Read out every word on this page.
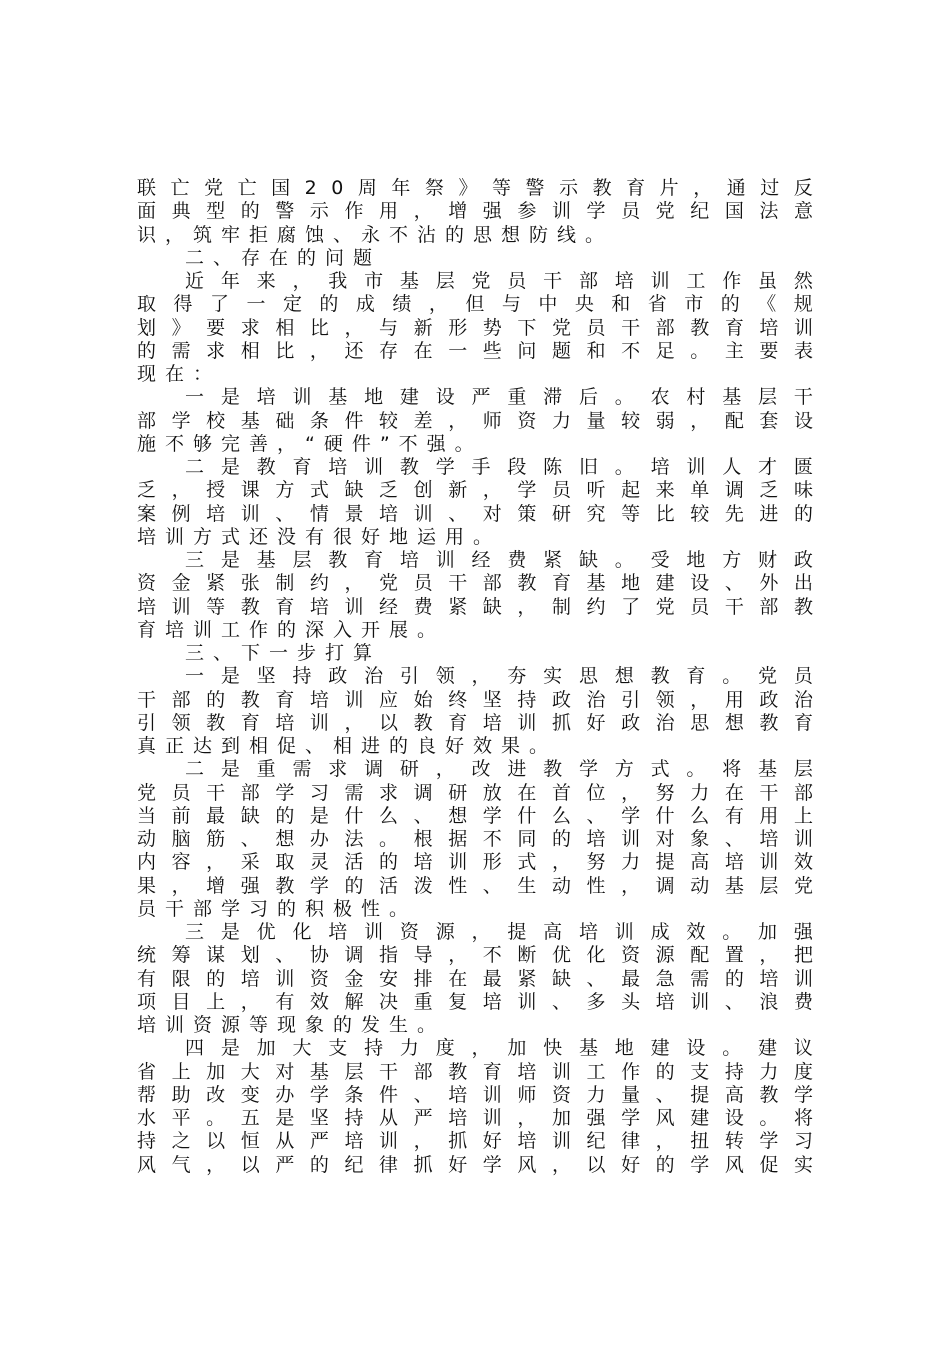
联 亡 党 亡 国 2 0 周 年 祭 》 等 警 示 教 育 片 ， 通 过 反
面 典 型 的 警 示 作 用 ， 增 强 参 训 学 员 党 纪 国 法 意
识，筑牢拒腐蚀、永不沾的思想防线。
二、存在的问题
近 年 来 ， 我 市 基 层 党 员 干 部 培 训 工 作 虽 然
取 得 了 一 定 的 成 绩 ， 但 与 中 央 和 省 市 的 《 规
划 》 要 求 相 比 ， 与 新 形 势 下 党 员 干 部 教 育 培 训
的 需 求 相 比 ， 还 存 在 一 些 问 题 和 不 足 。 主 要 表
现在：
一 是 培 训 基 地 建 设 严 重 滞 后 。 农 村 基 层 干
部 学 校 基 础 条 件 较 差 ， 师 资 力 量 较 弱 ， 配 套 设
施不够完善，“硬件”不强。
二 是 教 育 培 训 教 学 手 段 陈 旧 。 培 训 人 才 匮
乏 ， 授 课 方 式 缺 乏 创 新 ， 学 员 听 起 来 单 调 乏 味
案 例 培 训 、 情 景 培 训 、 对 策 研 究 等 比 较 先 进 的
培训方式还没有很好地运用。
三 是 基 层 教 育 培 训 经 费 紧 缺 。 受 地 方 财 政
资 金 紧 张 制 约 ， 党 员 干 部 教 育 基 地 建 设 、 外 出
培 训 等 教 育 培 训 经 费 紧 缺 ， 制 约 了 党 员 干 部 教
育培训工作的深入开展。
三、下一步打算
一 是 坚 持 政 治 引 领 ， 夯 实 思 想 教 育 。 党 员
干 部 的 教 育 培 训 应 始 终 坚 持 政 治 引 领 ， 用 政 治
引 领 教 育 培 训 ， 以 教 育 培 训 抓 好 政 治 思 想 教 育
真正达到相促、相进的良好效果。
二 是 重 需 求 调 研 ， 改 进 教 学 方 式 。 将 基 层
党 员 干 部 学 习 需 求 调 研 放 在 首 位 ， 努 力 在 干 部
当 前 最 缺 的 是 什 么 、 想 学 什 么 、 学 什 么 有 用 上
动 脑 筋 、 想 办 法 。 根 据 不 同 的 培 训 对 象 、 培 训
内 容 ， 采 取 灵 活 的 培 训 形 式 ， 努 力 提 高 培 训 效
果 ， 增 强 教 学 的 活 泼 性 、 生 动 性 ， 调 动 基 层 党
员干部学习的积极性。
三 是 优 化 培 训 资 源 ， 提 高 培 训 成 效 。 加 强
统 筹 谋 划 、 协 调 指 导 ， 不 断 优 化 资 源 配 置 ， 把
有 限 的 培 训 资 金 安 排 在 最 紧 缺 、 最 急 需 的 培 训
项 目 上 ， 有 效 解 决 重 复 培 训 、 多 头 培 训 、 浪 费
培训资源等现象的发生。
四 是 加 大 支 持 力 度 ， 加 快 基 地 建 设 。 建 议
省 上 加 大 对 基 层 干 部 教 育 培 训 工 作 的 支 持 力 度
帮 助 改 变 办 学 条 件 、 培 训 师 资 力 量 、 提 高 教 学
水 平 。 五 是 坚 持 从 严 培 训 ， 加 强 学 风 建 设 。 将
持 之 以 恒 从 严 培 训 ， 抓 好 培 训 纪 律 ， 扭 转 学 习
风 气 ， 以 严 的 纪 律 抓 好 学 风 ， 以 好 的 学 风 促 实
